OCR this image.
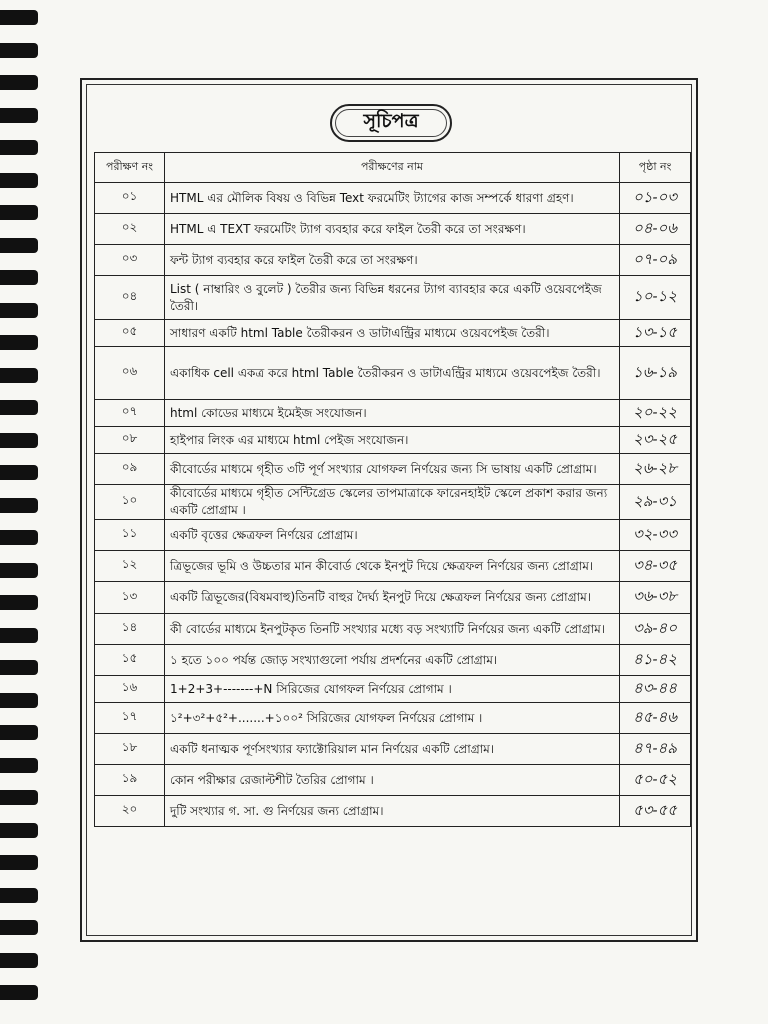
সূচিপত্র
পরীক্ষণ নং	পরীক্ষণের নাম	পৃষ্ঠা নং
০১	HTML এর মৌলিক বিষয় ও বিভিন্ন Text ফরমেটিং ট্যাগের কাজ সম্পর্কে ধারণা গ্রহণ।	০১-০৩
০২	HTML এ TEXT ফরমেটিং ট্যাগ ব্যবহার করে ফাইল তৈরী করে তা সংরক্ষণ।	০৪-০৬
০৩	ফন্ট ট্যাগ ব্যবহার করে ফাইল তৈরী করে তা সংরক্ষণ।	০৭-০৯
০৪	List ( নাম্বারিং ও বুলেট ) তৈরীর জন্য বিভিন্ন ধরনের ট্যাগ ব্যাবহার করে একটি ওয়েবপেইজ তৈরী।	১০-১২
০৫	সাধারণ একটি html Table তৈরীকরন ও ডাটাএন্ট্রির মাধ্যমে ওয়েবপেইজ তৈরী।	১৩-১৫
০৬	একাধিক cell একত্র করে html Table তৈরীকরন ও ডাটাএন্ট্রির মাধ্যমে ওয়েবপেইজ তৈরী।	১৬-১৯
০৭	html কোডের মাধ্যমে ইমেইজ সংযোজন।	২০-২২
০৮	হাইপার লিংক এর মাধ্যমে html পেইজ সংযোজন।	২৩-২৫
০৯	কীবোর্ডের মাধ্যমে গৃহীত ৩টি পূর্ণ সংখ্যার যোগফল নির্ণয়ের জন্য সি ভাষায় একটি প্রোগ্রাম।	২৬-২৮
১০	কীবোর্ডের মাধ্যমে গৃহীত সেন্টিগ্রেড স্কেলের তাপমাত্রাকে ফারেনহাইট স্কেলে প্রকাশ করার জন্য একটি প্রোগ্রাম ।	২৯-৩১
১১	একটি বৃত্তের ক্ষেত্রফল নির্ণয়ের প্রোগ্রাম।	৩২-৩৩
১২	ত্রিভূজের ভূমি ও উচ্চতার মান কীবোর্ড থেকে ইনপুট দিয়ে ক্ষেত্রফল নির্ণয়ের জন্য প্রোগ্রাম।	৩৪-৩৫
১৩	একটি ত্রিভূজের(বিষমবাহু)তিনটি বাহুর দৈর্ঘ্য ইনপুট দিয়ে ক্ষেত্রফল নির্ণয়ের জন্য প্রোগ্রাম।	৩৬-৩৮
১৪	কী বোর্ডের মাধ্যমে ইনপুটকৃত তিনটি সংখ্যার মধ্যে বড় সংখ্যাটি নির্ণয়ের জন্য একটি প্রোগ্রাম।	৩৯-৪০
১৫	১ হতে ১০০ পর্যন্ত জোড় সংখ্যাগুলো পর্যায় প্রদর্শনের একটি প্রোগ্রাম।	৪১-৪২
১৬	1+2+3+-------+N সিরিজের যোগফল নির্ণয়ের প্রোগাম ।	৪৩-৪৪
১৭	১²+৩²+৫²+.......+১০০² সিরিজের যোগফল নির্ণয়ের প্রোগাম ।	৪৫-৪৬
১৮	একটি ধনাত্মক পূর্ণসংখ্যার ফ্যাক্টোরিয়াল মান নির্ণয়ের একটি প্রোগ্রাম।	৪৭-৪৯
১৯	কোন পরীক্ষার রেজাল্টশীট তৈরির প্রোগাম ।	৫০-৫২
২০	দুটি সংখ্যার গ. সা. গু নির্ণয়ের জন্য প্রোগ্রাম।	৫৩-৫৫
